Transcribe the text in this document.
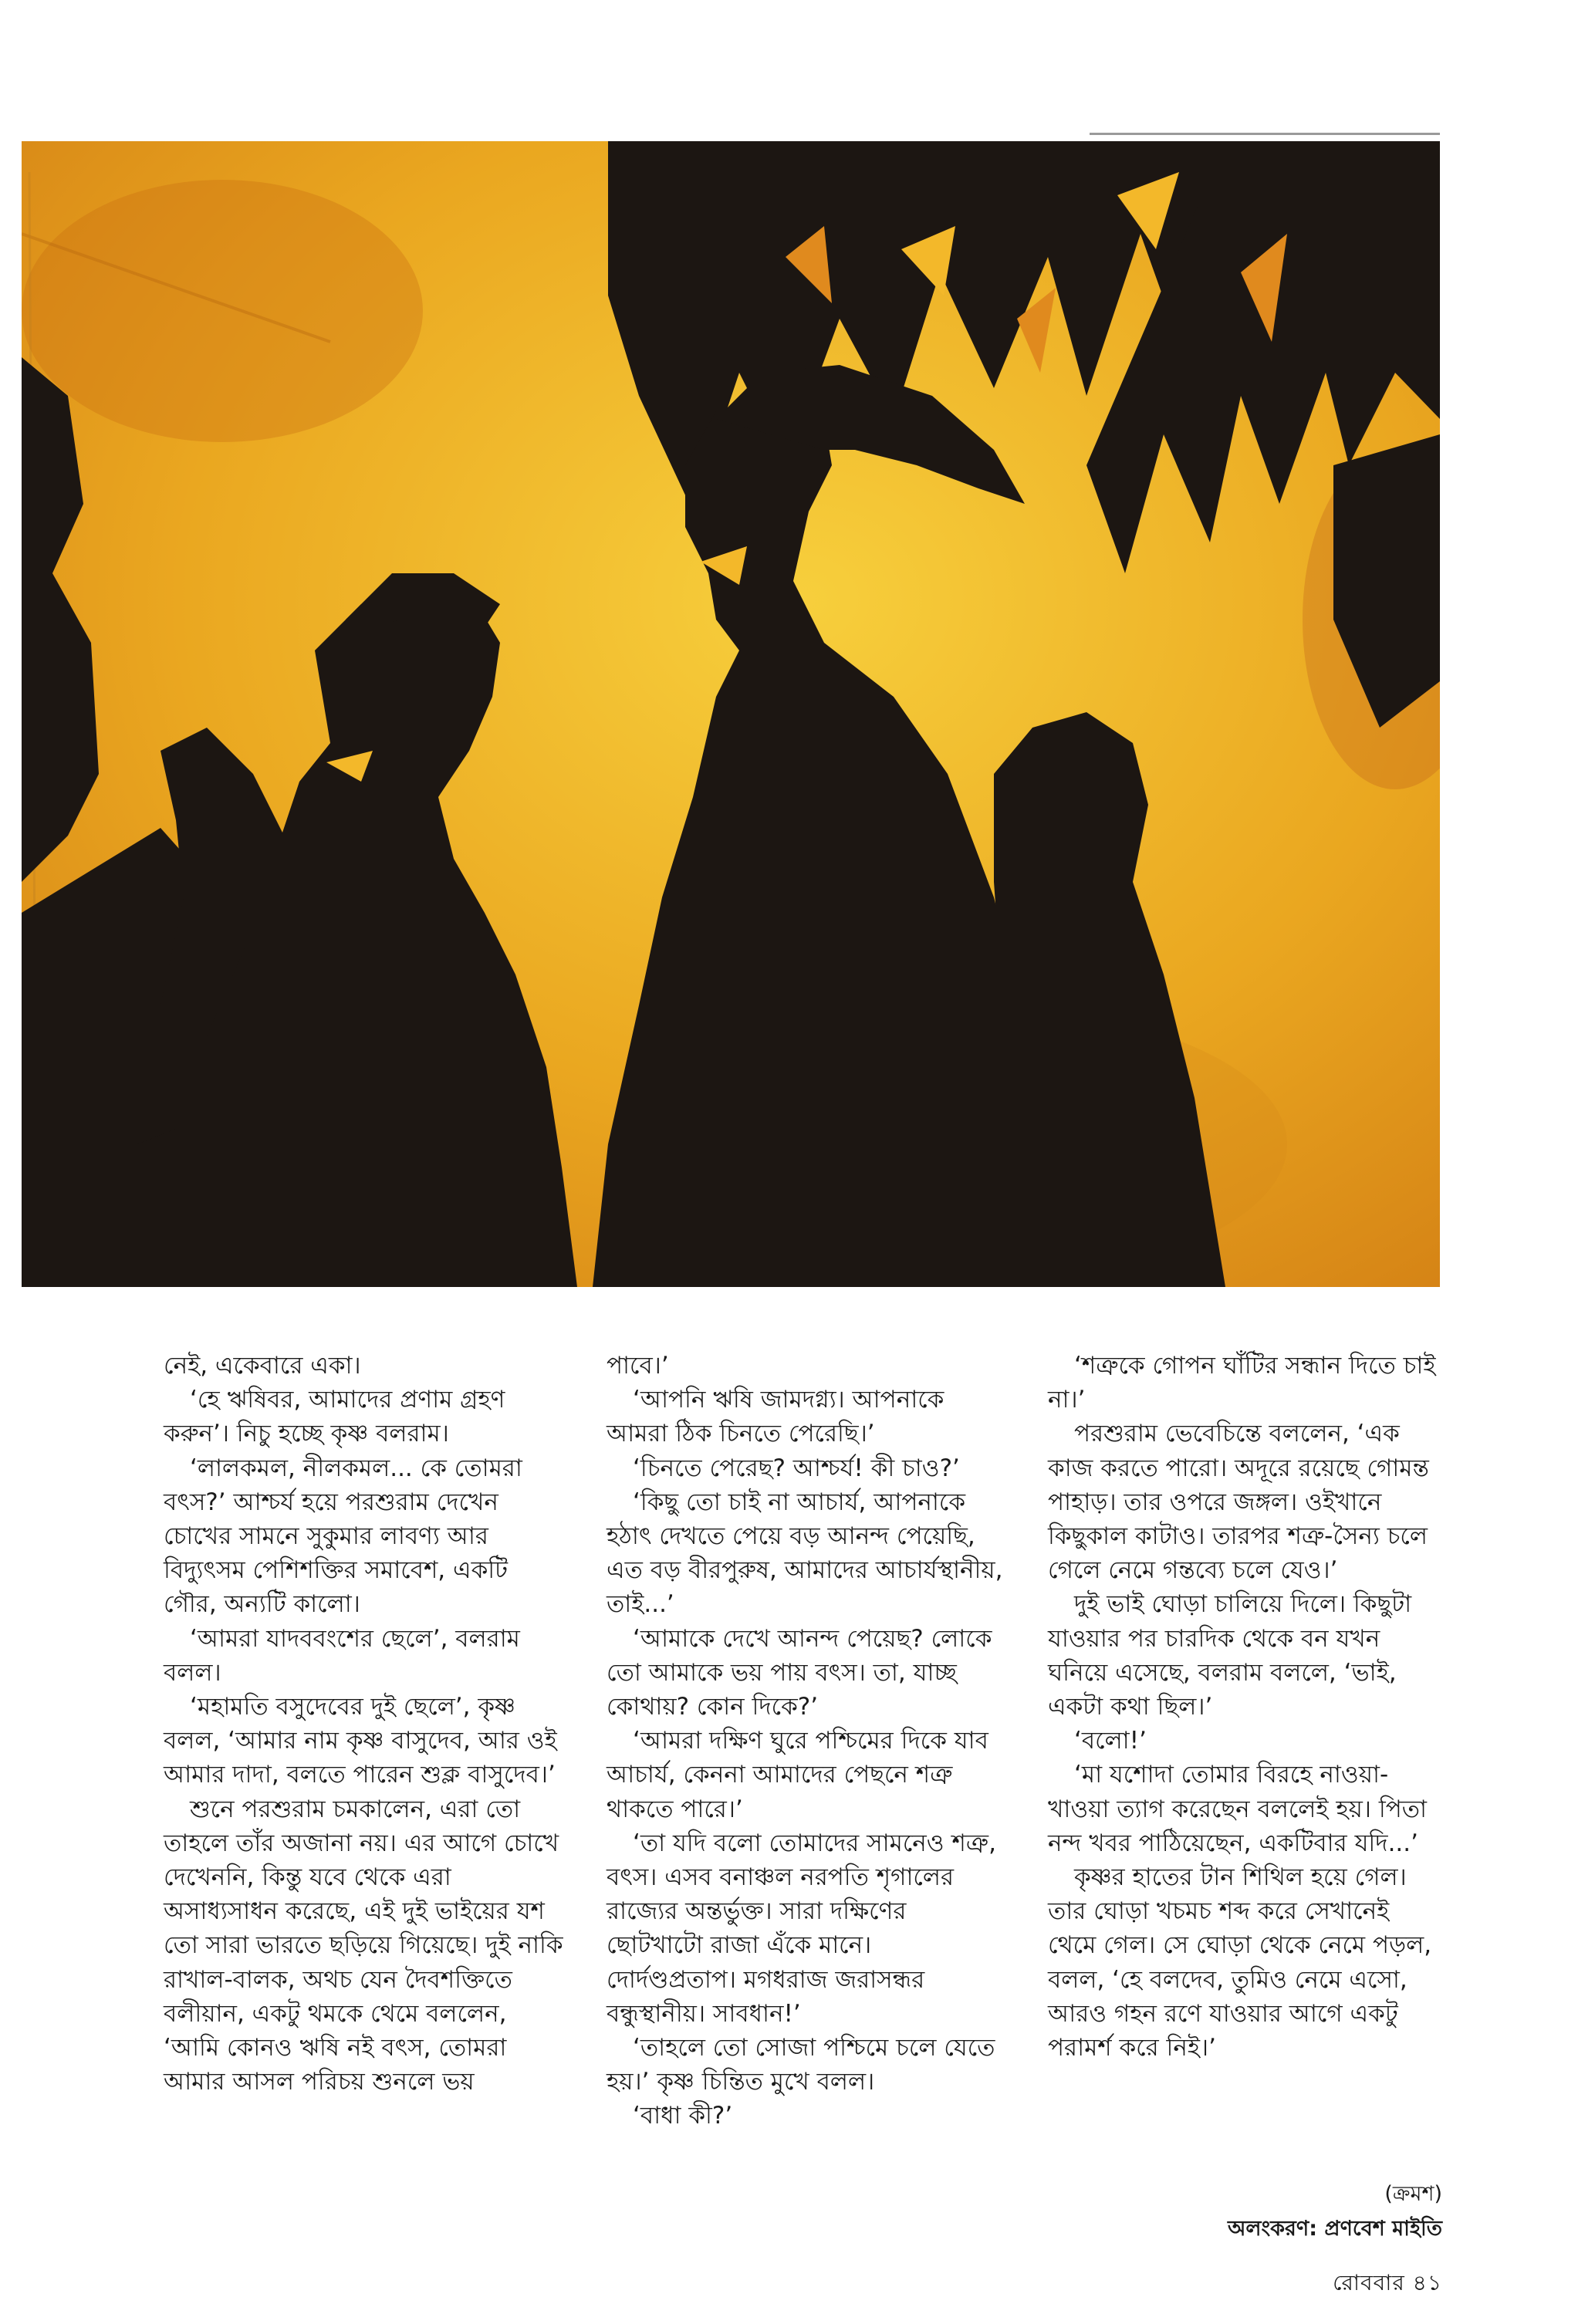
নেই, একেবারে একা।

‘হে ঋষিবর, আমাদের প্রণাম গ্রহণ করুন’। নিচু হচ্ছে কৃষ্ণ বলরাম।

‘লালকমল, নীলকমল... কে তোমরা বৎস?’ আশ্চর্য হয়ে পরশুরাম দেখেন চোখের সামনে সুকুমার লাবণ্য আর বিদ্যুৎসম পেশিশক্তির সমাবেশ, একটি গৌর, অন্যটি কালো।

‘আমরা যাদববংশের ছেলে’, বলরাম বলল।

‘মহামতি বসুদেবের দুই ছেলে’, কৃষ্ণ বলল, ‘আমার নাম কৃষ্ণ বাসুদেব, আর ওই আমার দাদা, বলতে পারেন শুক্ল বাসুদেব।’

শুনে পরশুরাম চমকালেন, এরা তো তাহলে তাঁর অজানা নয়। এর আগে চোখে দেখেননি, কিন্তু যবে থেকে এরা অসাধ্যসাধন করেছে, এই দুই ভাইয়ের যশ তো সারা ভারতে ছড়িয়ে গিয়েছে। দুই নাকি রাখাল-বালক, অথচ যেন দৈবশক্তিতে বলীয়ান, একটু থমকে থেমে বললেন, ‘আমি কোনও ঋষি নই বৎস, তোমরা আমার আসল পরিচয় শুনলে ভয়

পাবে।’

‘আপনি ঋষি জামদগ্ন্য। আপনাকে আমরা ঠিক চিনতে পেরেছি।’

‘চিনতে পেরেছ? আশ্চর্য! কী চাও?’

‘কিছু তো চাই না আচার্য, আপনাকে হঠাৎ দেখতে পেয়ে বড় আনন্দ পেয়েছি, এত বড় বীরপুরুষ, আমাদের আচার্যস্থানীয়, তাই...’

‘আমাকে দেখে আনন্দ পেয়েছ? লোকে তো আমাকে ভয় পায় বৎস। তা, যাচ্ছ কোথায়? কোন দিকে?’

‘আমরা দক্ষিণ ঘুরে পশ্চিমের দিকে যাব আচার্য, কেননা আমাদের পেছনে শত্রু থাকতে পারে।’

‘তা যদি বলো তোমাদের সামনেও শত্রু, বৎস। এসব বনাঞ্চল নরপতি শৃগালের রাজ্যের অন্তর্ভুক্ত। সারা দক্ষিণের ছোটখাটো রাজা এঁকে মানে। দোর্দণ্ডপ্রতাপ। মগধরাজ জরাসন্ধর বন্ধুস্থানীয়। সাবধান!’

‘তাহলে তো সোজা পশ্চিমে চলে যেতে হয়।’ কৃষ্ণ চিন্তিত মুখে বলল।

‘বাধা কী?’

‘শত্রুকে গোপন ঘাঁটির সন্ধান দিতে চাই না।’

পরশুরাম ভেবেচিন্তে বললেন, ‘এক কাজ করতে পারো। অদূরে রয়েছে গোমন্ত পাহাড়। তার ওপরে জঙ্গল। ওইখানে কিছুকাল কাটাও। তারপর শত্রু-সৈন্য চলে গেলে নেমে গন্তব্যে চলে যেও।’

দুই ভাই ঘোড়া চালিয়ে দিলে। কিছুটা যাওয়ার পর চারদিক থেকে বন যখন ঘনিয়ে এসেছে, বলরাম বললে, ‘ভাই, একটা কথা ছিল।’

‘বলো!’

‘মা যশোদা তোমার বিরহে নাওয়া-খাওয়া ত্যাগ করেছেন বললেই হয়। পিতা নন্দ খবর পাঠিয়েছেন, একটিবার যদি...’

কৃষ্ণর হাতের টান শিথিল হয়ে গেল। তার ঘোড়া খচমচ শব্দ করে সেখানেই থেমে গেল। সে ঘোড়া থেকে নেমে পড়ল, বলল, ‘হে বলদেব, তুমিও নেমে এসো, আরও গহন রণে যাওয়ার আগে একটু পরামর্শ করে নিই।’

(ক্রমশ)
অলংকরণ: প্রণবেশ মাইতি
রোববার ৪১
